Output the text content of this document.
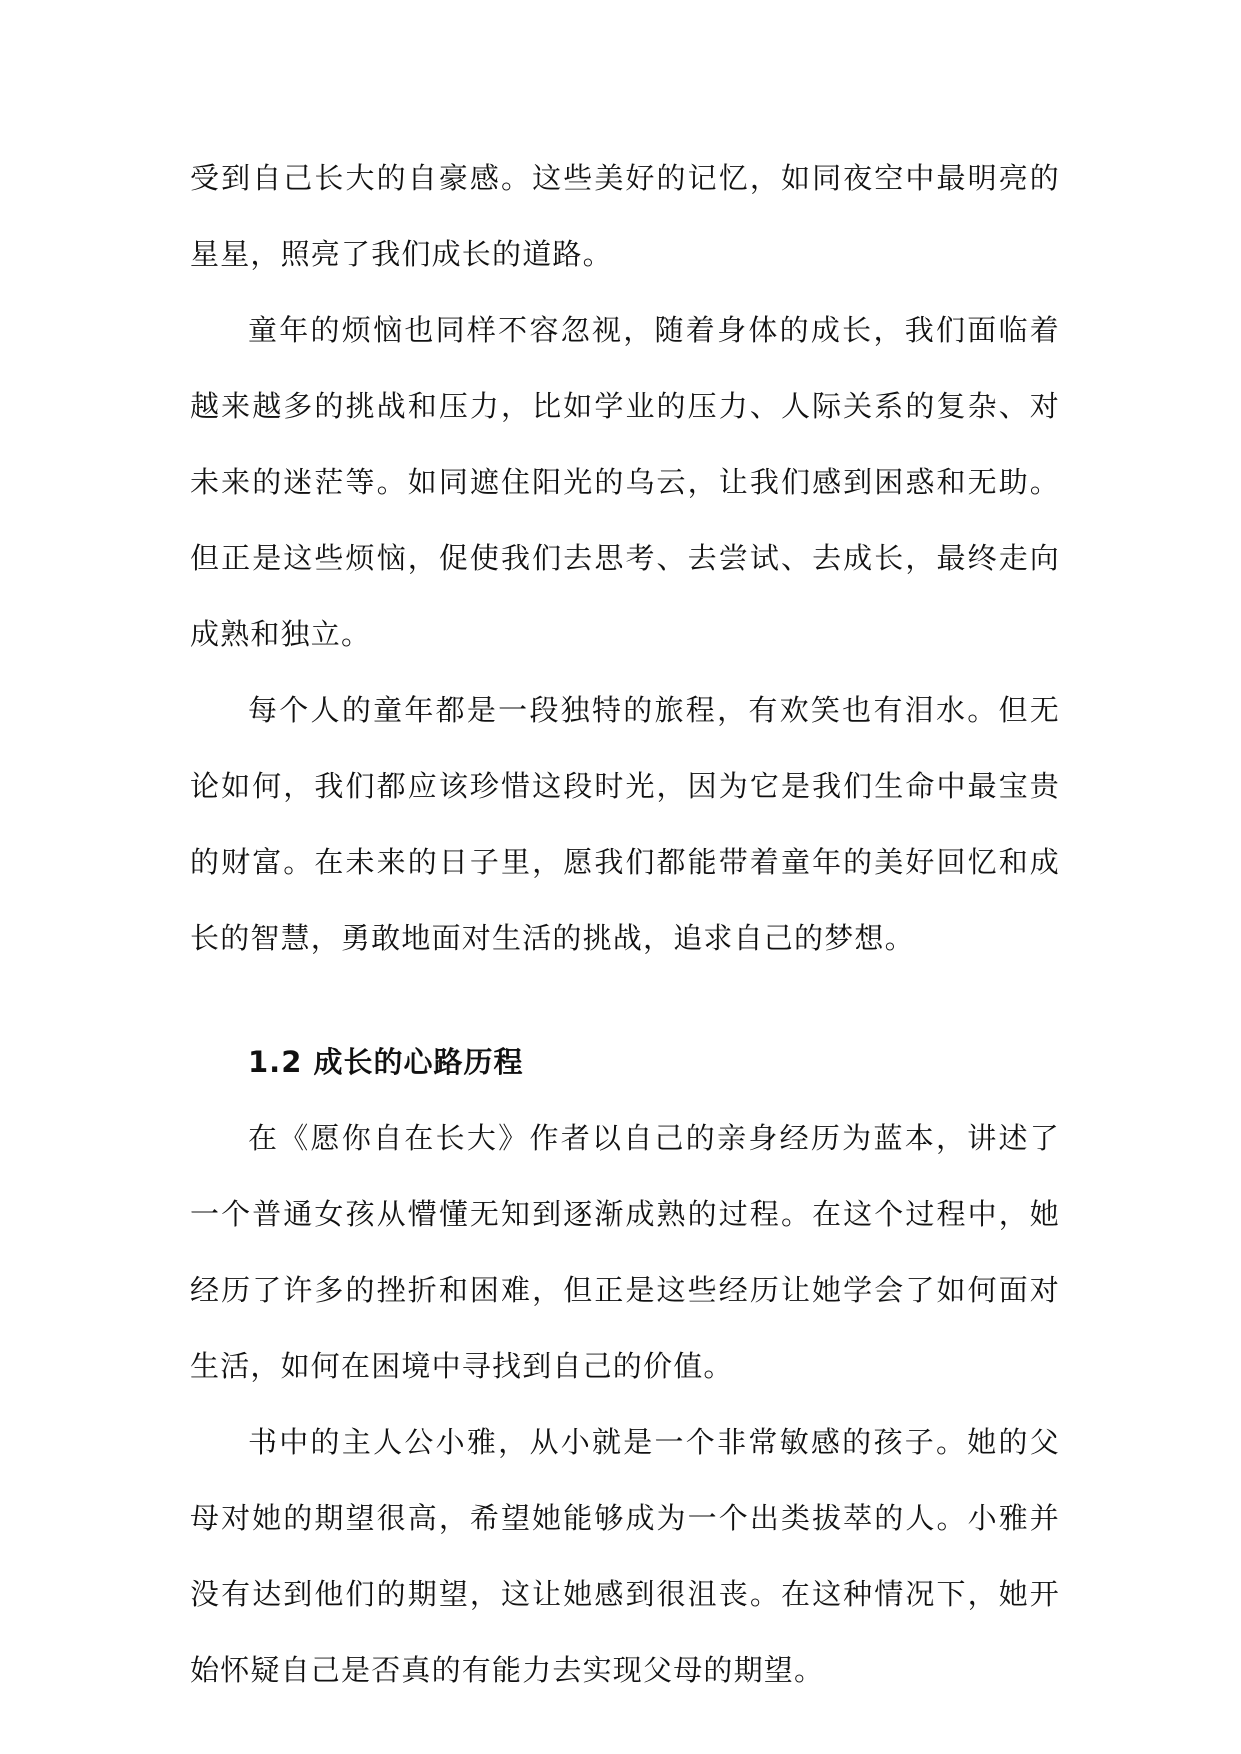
受到自己长大的自豪感。这些美好的记忆，如同夜空中最明亮的星星，照亮了我们成长的道路。

童年的烦恼也同样不容忽视，随着身体的成长，我们面临着越来越多的挑战和压力，比如学业的压力、人际关系的复杂、对未来的迷茫等。如同遮住阳光的乌云，让我们感到困惑和无助。但正是这些烦恼，促使我们去思考、去尝试、去成长，最终走向成熟和独立。

每个人的童年都是一段独特的旅程，有欢笑也有泪水。但无论如何，我们都应该珍惜这段时光，因为它是我们生命中最宝贵的财富。在未来的日子里，愿我们都能带着童年的美好回忆和成长的智慧，勇敢地面对生活的挑战，追求自己的梦想。

1.2 成长的心路历程

在《愿你自在长大》作者以自己的亲身经历为蓝本，讲述了一个普通女孩从懵懂无知到逐渐成熟的过程。在这个过程中，她经历了许多的挫折和困难，但正是这些经历让她学会了如何面对生活，如何在困境中寻找到自己的价值。

书中的主人公小雅，从小就是一个非常敏感的孩子。她的父母对她的期望很高，希望她能够成为一个出类拔萃的人。小雅并没有达到他们的期望，这让她感到很沮丧。在这种情况下，她开始怀疑自己是否真的有能力去实现父母的期望。
